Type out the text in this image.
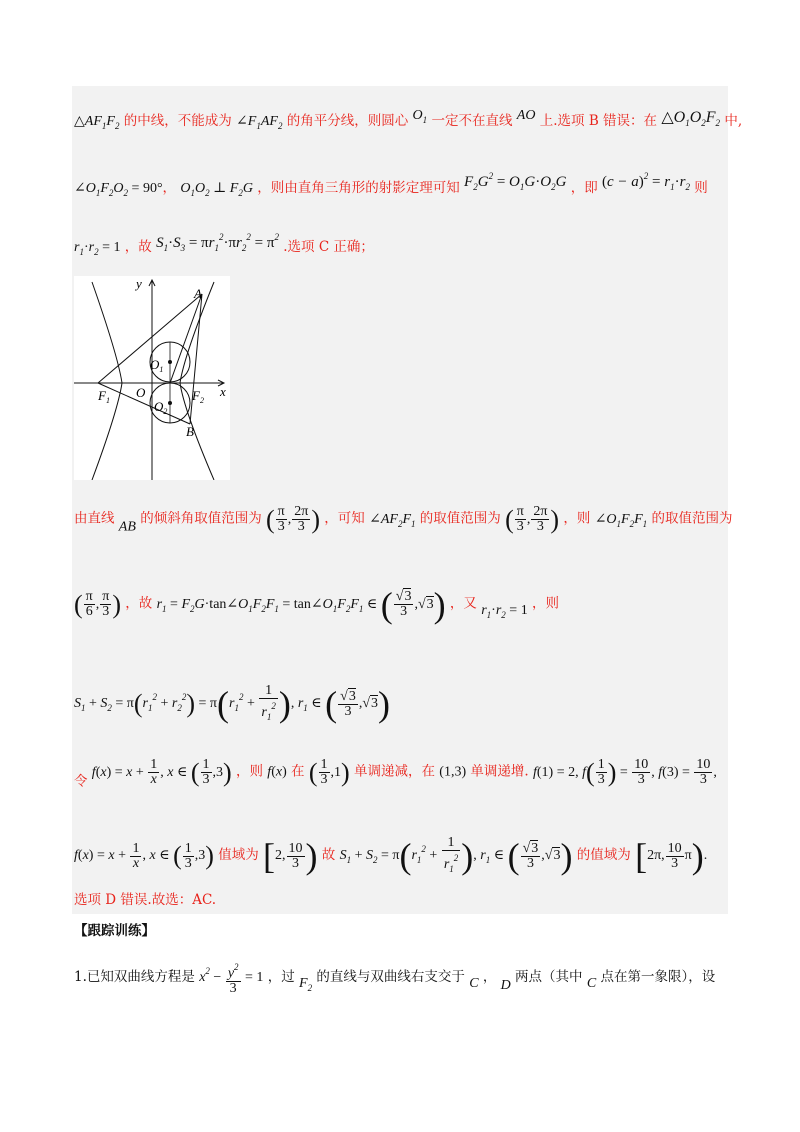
$\triangle AF_1F_2$ 的中线，不能成为 $\angle F_1AF_2$ 的角平分线，则圆心 $O_1$ 一定不在直线 AO 上.选项 B 错误：在 $\triangle O_1O_2F_2$ 中,
$\angle O_1F_2O_2 = 90^\circ$， $O_1O_2$ ⊥ $F_2G$ ，则由直角三角形的射影定理可知 $F_2G^2 = O_1G\cdot O_2G$ ，即 $(c - a)^2 = r_1\cdot r_2$ 则
$r_1\cdot r_2 = 1$ ，故 $S_1\cdot S_3 = \pi r_1^2\cdot\pi r_2^2 = \pi^2$ .选项 C 正确；
y
x
A
B
O
$O_1$
$O_2$
$F_1$	$F_2$
由直线 AB 的倾斜角取值范围为 ( $\frac{\pi}{3}$ , $\frac{2\pi}{3}$ ) ，可知 $\angle AF_2F_1$ 的取值范围为 ( $\frac{\pi}{3}$ , $\frac{2\pi}{3}$ ) ，则 $\angle O_1F_2F_1$ 的取值范围为
( $\frac{\pi}{6}$ , $\frac{\pi}{3}$ ) ，故 $r_1$ = $F_2G\cdot\tan\angle O_1F_2F_1$ = $\tan\angle O_1F_2F_1$ ∈ ( $\frac{√3}{3} ,√3$) ，又 $r_1\cdot r_2 = 1$ ，则
$S_1 + S_2 = \pi(r_1^2 + r_2^2) = \pi(r_1^2 + \frac{1}{r_1^2}$ ), $r_1$ ∈ ( $\frac{√3}{3} ,√3$)
令 $f(x) = x + \frac{1}{x}$ , x ∈ ( $\frac{1}{3} ,3$) ，则 f(x) 在 ( $\frac{1}{3} ,1$) 单调递减，在 (1,3) 单调递增. f(1) = 2, $f( \frac{1}{3}$ ) = $\frac{10}{3}$ , $f(3) = \frac{10}{3}$ ,
$f(x) = x + \frac{1}{x}$ , x ∈ ( $\frac{1}{3} ,3$) 值域为 [2, $\frac{10}{3}$ ) 故 $S_1 + S_2 = \pi(r_1^2 + \frac{1}{r_1^2}$ ), $r_1$ ∈ ( $\frac{√3}{3} ,√3$) 的值域为 [2π, $\frac{10}{3} \pi$).
选项 D 错误.故选：AC.
【跟踪训练】
1.已知双曲线方程是 $x^2 - \frac{y^2}{3} = 1$ ，过 $F_2$ 的直线与双曲线右支交于 C ， D 两点（其中 C 点在第一象限），设
